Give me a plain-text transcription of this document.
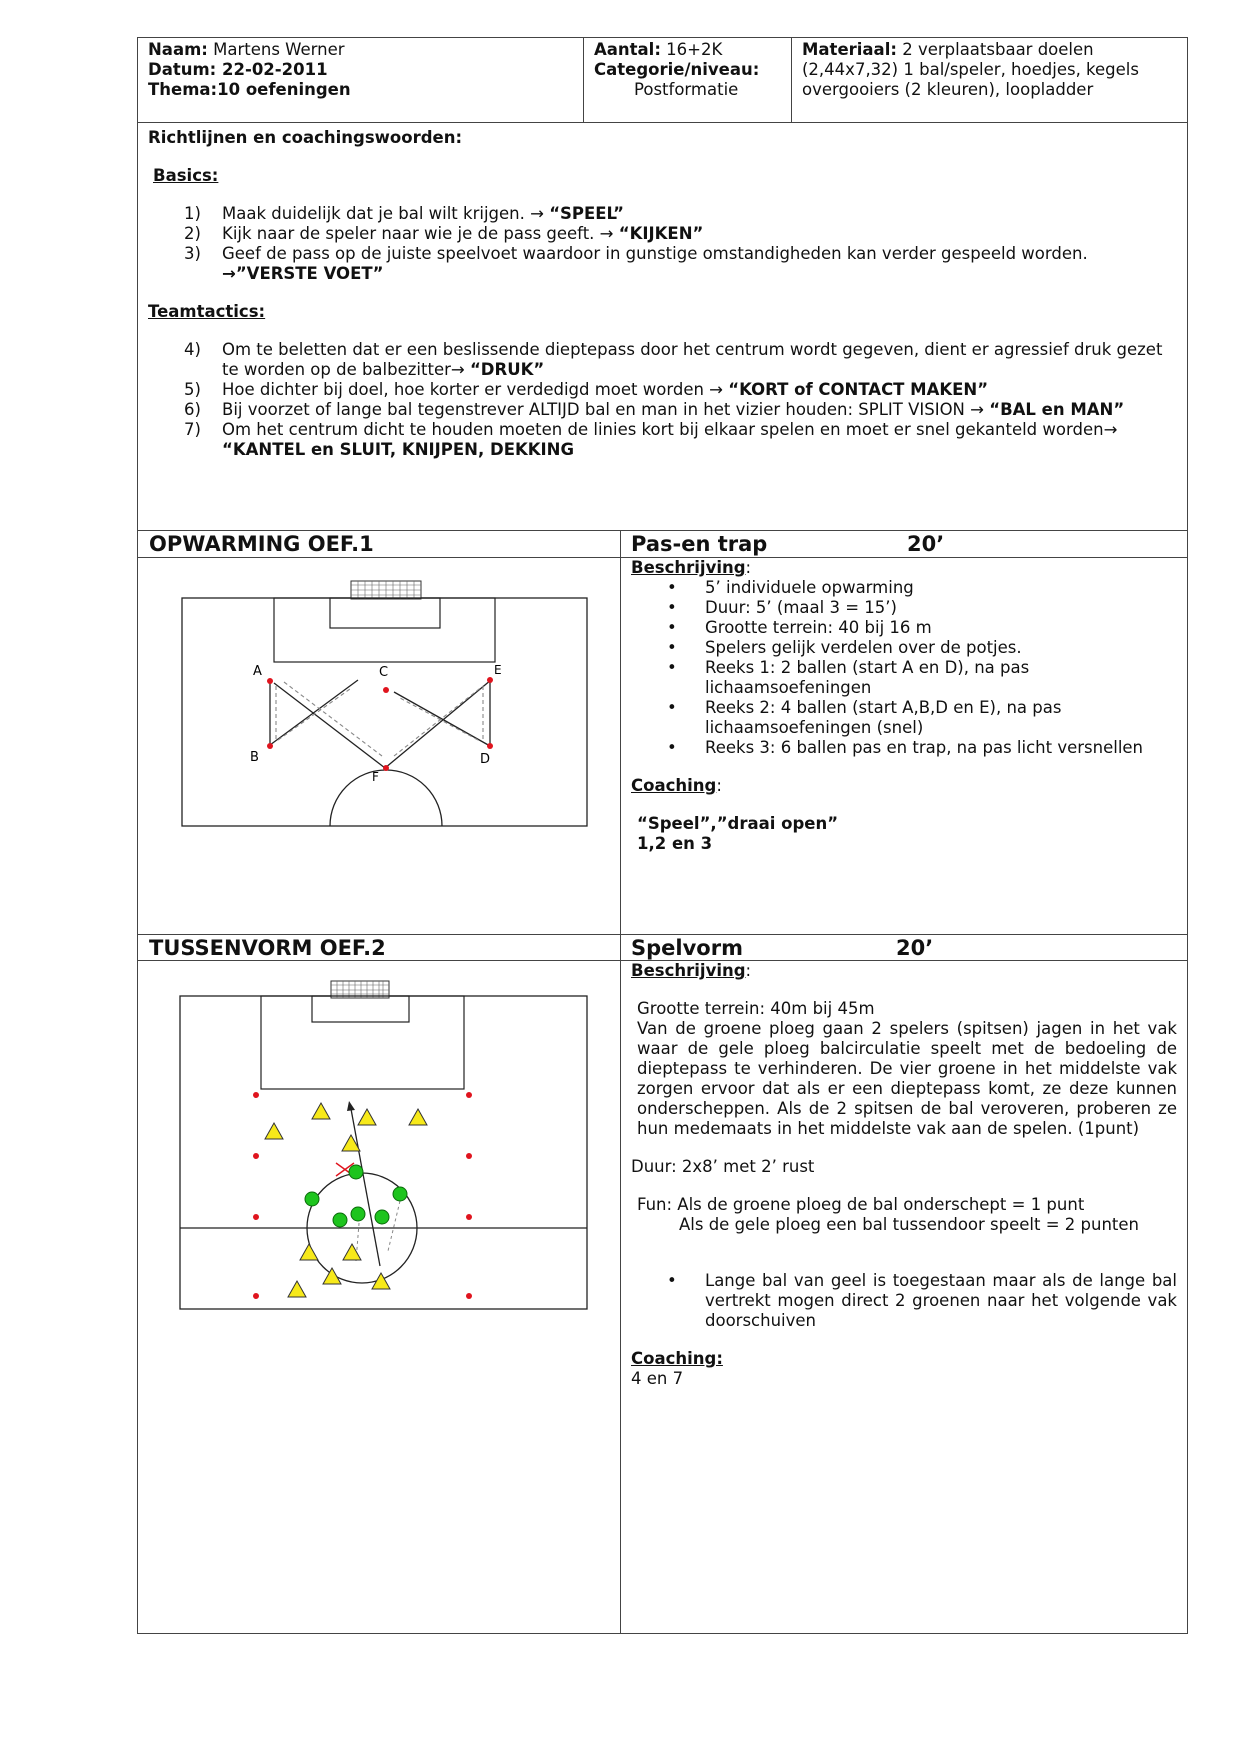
Naam: Martens Werner
Datum: 22-02-2011
Thema:10 oefeningen
Aantal: 16+2K
Categorie/niveau:
Postformatie
Materiaal: 2 verplaatsbaar doelen
(2,44x7,32) 1 bal/speler, hoedjes, kegels
overgooiers (2 kleuren), loopladder
Richtlijnen en coachingswoorden:
Basics:
1) Maak duidelijk dat je bal wilt krijgen. → “SPEEL”
2) Kijk naar de speler naar wie je de pass geeft. → “KIJKEN”
3) Geef de pass op de juiste speelvoet waardoor in gunstige omstandigheden kan verder gespeeld worden.
→”VERSTE VOET”
Teamtactics:
4) Om te beletten dat er een beslissende dieptepass door het centrum wordt gegeven, dient er agressief druk gezet te worden op de balbezitter→ “DRUK”
5) Hoe dichter bij doel, hoe korter er verdedigd moet worden → “KORT of CONTACT MAKEN”
6) Bij voorzet of lange bal tegenstrever ALTIJD bal en man in het vizier houden: SPLIT VISION → “BAL en MAN”
7) Om het centrum dicht te houden moeten de linies kort bij elkaar spelen en moet er snel gekanteld worden→
“KANTEL en SLUIT, KNIJPEN, DEKKING
OPWARMING OEF.1	Pas-en trap	20’
A
B
C
D
E
F
Beschrijving:
• 5’ individuele opwarming
• Duur: 5’ (maal 3 = 15’)
• Grootte terrein: 40 bij 16 m
• Spelers gelijk verdelen over de potjes.
• Reeks 1: 2 ballen (start A en D), na pas lichaamsoefeningen
• Reeks 2: 4 ballen (start A,B,D en E), na pas lichaamsoefeningen (snel)
• Reeks 3: 6 ballen pas en trap, na pas licht versnellen
Coaching:
“Speel”,”draai open”
1,2 en 3
TUSSENVORM OEF.2	Spelvorm	20’
Beschrijving:
Grootte terrein: 40m bij 45m
Van de groene ploeg gaan 2 spelers (spitsen) jagen in het vak waar de gele ploeg balcirculatie speelt met de bedoeling de dieptepass te verhinderen. De vier groene in het middelste vak zorgen ervoor dat als er een dieptepass komt, ze deze kunnen onderscheppen. Als de 2 spitsen de bal veroveren, proberen ze hun medemaats in het middelste vak aan de spelen. (1punt)
Duur: 2x8’ met 2’ rust
Fun: Als de groene ploeg de bal onderschept = 1 punt
Als de gele ploeg een bal tussendoor speelt = 2 punten
• Lange bal van geel is toegestaan maar als de lange bal vertrekt mogen direct 2 groenen naar het volgende vak doorschuiven
Coaching:
4 en 7
